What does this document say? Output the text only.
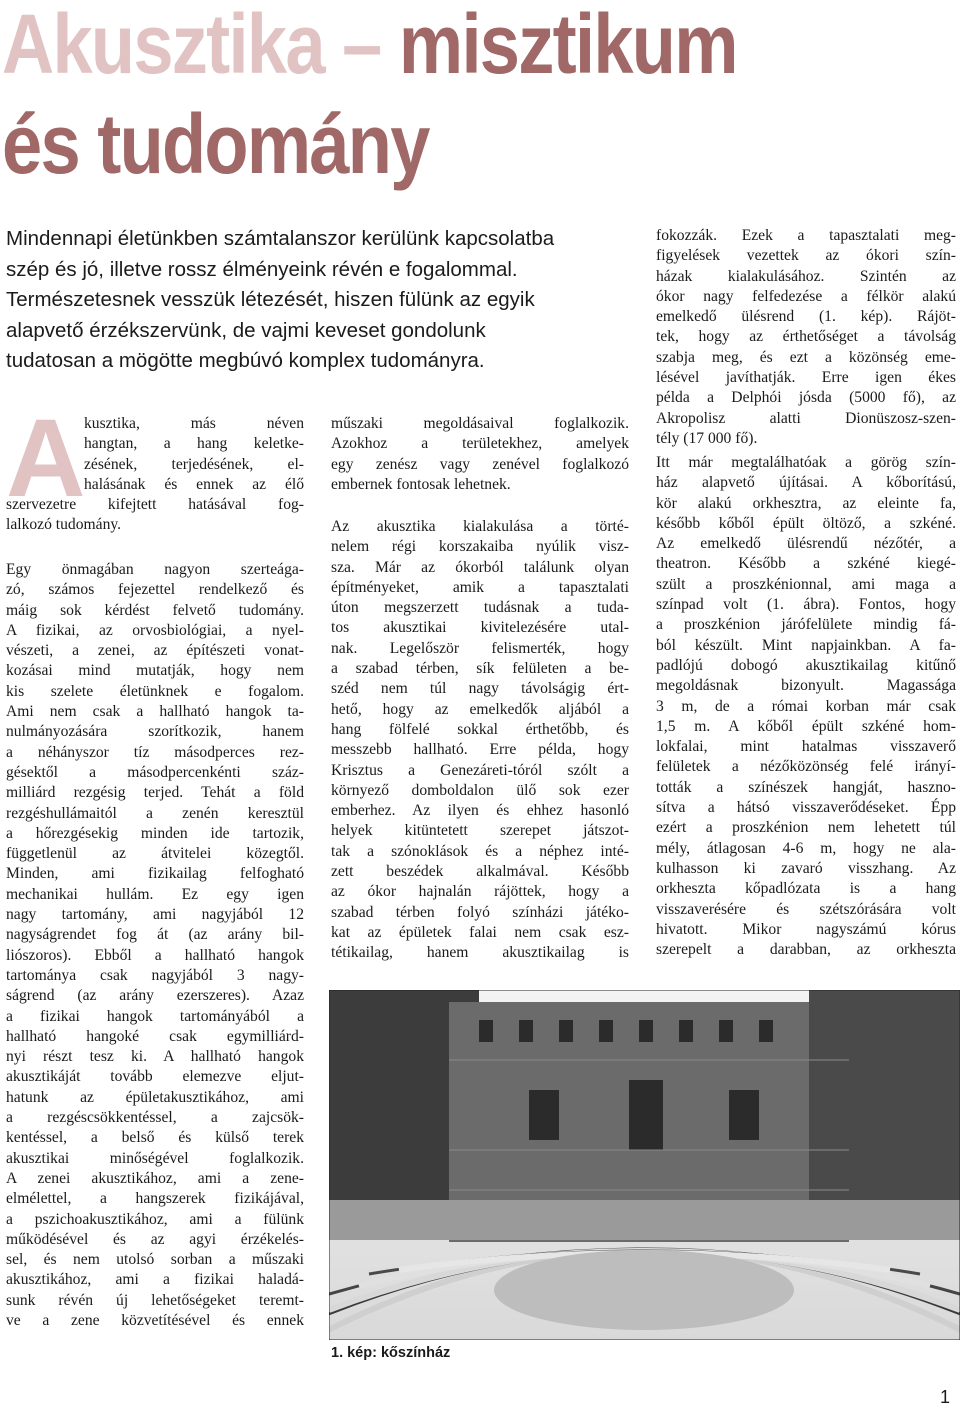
Akusztika – misztikum
és tudomány
Mindennapi életünkben számtalanszor kerülünk kapcsolatba
szép és jó, illetve rossz élményeink révén e fogalommal.
Természetesnek vesszük létezését, hiszen fülünk az egyik
alapvető érzékszervünk, de vajmi keveset gondolunk
tudatosan a mögötte megbúvó komplex tudományra.
A
kusztika, más néven
hangtan, a hang keletke-
zésének, terjedésének, el-
halásának és ennek az élő
szervezetre kifejtett hatásával fog-
lalkozó tudomány.
Egy önmagában nagyon szerteága-
zó, számos fejezettel rendelkező és
máig sok kérdést felvető tudomány.
A fizikai, az orvosbiológiai, a nyel-
vészeti, a zenei, az építészeti vonat-
kozásai mind mutatják, hogy nem
kis szelete életünknek e fogalom.
Ami nem csak a hallható hangok ta-
nulmányozására szorítkozik, hanem
a néhányszor tíz másodperces rez-
gésektől a másodpercenkénti száz-
milliárd rezgésig terjed. Tehát a föld
rezgéshullámaitól a zenén keresztül
a hőrezgésekig minden ide tartozik,
függetlenül az átvitelei közegtől.
Minden, ami fizikailag felfogható
mechanikai hullám. Ez egy igen
nagy tartomány, ami nagyjából 12
nagyságrendet fog át (az arány bil-
liószoros). Ebből a hallható hangok
tartománya csak nagyjából 3 nagy-
ságrend (az arány ezerszeres). Azaz
a fizikai hangok tartományából a
hallható hangoké csak egymilliárd-
nyi részt tesz ki. A hallható hangok
akusztikáját tovább elemezve eljut-
hatunk az épületakusztikához, ami
a rezgéscsökkentéssel, a zajcsök-
kentéssel, a belső és külső terek
akusztikai minőségével foglalkozik.
A zenei akusztikához, ami a zene-
elmélettel, a hangszerek fizikájával,
a pszichoakusztikához, ami a fülünk
működésével és az agyi érzékelés-
sel, és nem utolsó sorban a műszaki
akusztikához, ami a fizikai haladá-
sunk révén új lehetőségeket teremt-
ve a zene közvetítésével és ennek
műszaki megoldásaival foglalkozik.
Azokhoz a területekhez, amelyek
egy zenész vagy zenével foglalkozó
embernek fontosak lehetnek.
Az akusztika kialakulása a törté-
nelem régi korszakaiba nyúlik visz-
sza. Már az ókorból találunk olyan
építményeket, amik a tapasztalati
úton megszerzett tudásnak a tuda-
tos akusztikai kivitelezésére utal-
nak. Legelőször felismerték, hogy
a szabad térben, sík felületen a be-
széd nem túl nagy távolságig ért-
hető, hogy az emelkedők aljából a
hang fölfelé sokkal érthetőbb, és
messzebb hallható. Erre példa, hogy
Krisztus a Genezáreti-tóról szólt a
környező domboldalon ülő sok ezer
emberhez. Az ilyen és ehhez hasonló
helyek kitüntetett szerepet játszot-
tak a szónoklások és a néphez inté-
zett beszédek alkalmával. Később
az ókor hajnalán rájöttek, hogy a
szabad térben folyó színházi játéko-
kat az épületek falai nem csak esz-
tétikailag, hanem akusztikailag is
fokozzák. Ezek a tapasztalati meg-
figyelések vezettek az ókori szín-
házak kialakulásához. Szintén az
ókor nagy felfedezése a félkör alakú
emelkedő ülésrend (1. kép). Rájöt-
tek, hogy az érthetőséget a távolság
szabja meg, és ezt a közönség eme-
lésével javíthatják. Erre igen ékes
példa a Delphói jósda (5000 fő), az
Akropolisz alatti Dionüszosz-szen-
tély (17 000 fő).
Itt már megtalálhatóak a görög szín-
ház alapvető újításai. A kőborítású,
kör alakú orkhesztra, az eleinte fa,
később kőből épült öltöző, a szkéné.
Az emelkedő ülésrendű nézőtér, a
theatron. Később a szkéné kiegé-
szült a proszkénionnal, ami maga a
színpad volt (1. ábra). Fontos, hogy
a proszkénion járófelülete mindig fá-
ból készült. Mint napjainkban. A fa-
padlójú dobogó akusztikailag kitűnő
megoldásnak bizonyult. Magassága
3 m, de a római korban már csak
1,5 m. A kőből épült szkéné hom-
lokfalai, mint hatalmas visszaverő
felületek a nézőközönség felé irányí-
tották a színészek hangját, haszno-
sítva a hátsó visszaverődéseket. Épp
ezért a proszkénion nem lehetett túl
mély, átlagosan 4-6 m, hogy ne ala-
kulhasson ki zavaró visszhang. Az
orkheszta kőpadlózata is a hang
visszaverésére és szétszórására volt
hivatott. Mikor nagyszámú kórus
szerepelt a darabban, az orkheszta
1. kép: kőszínház
1
